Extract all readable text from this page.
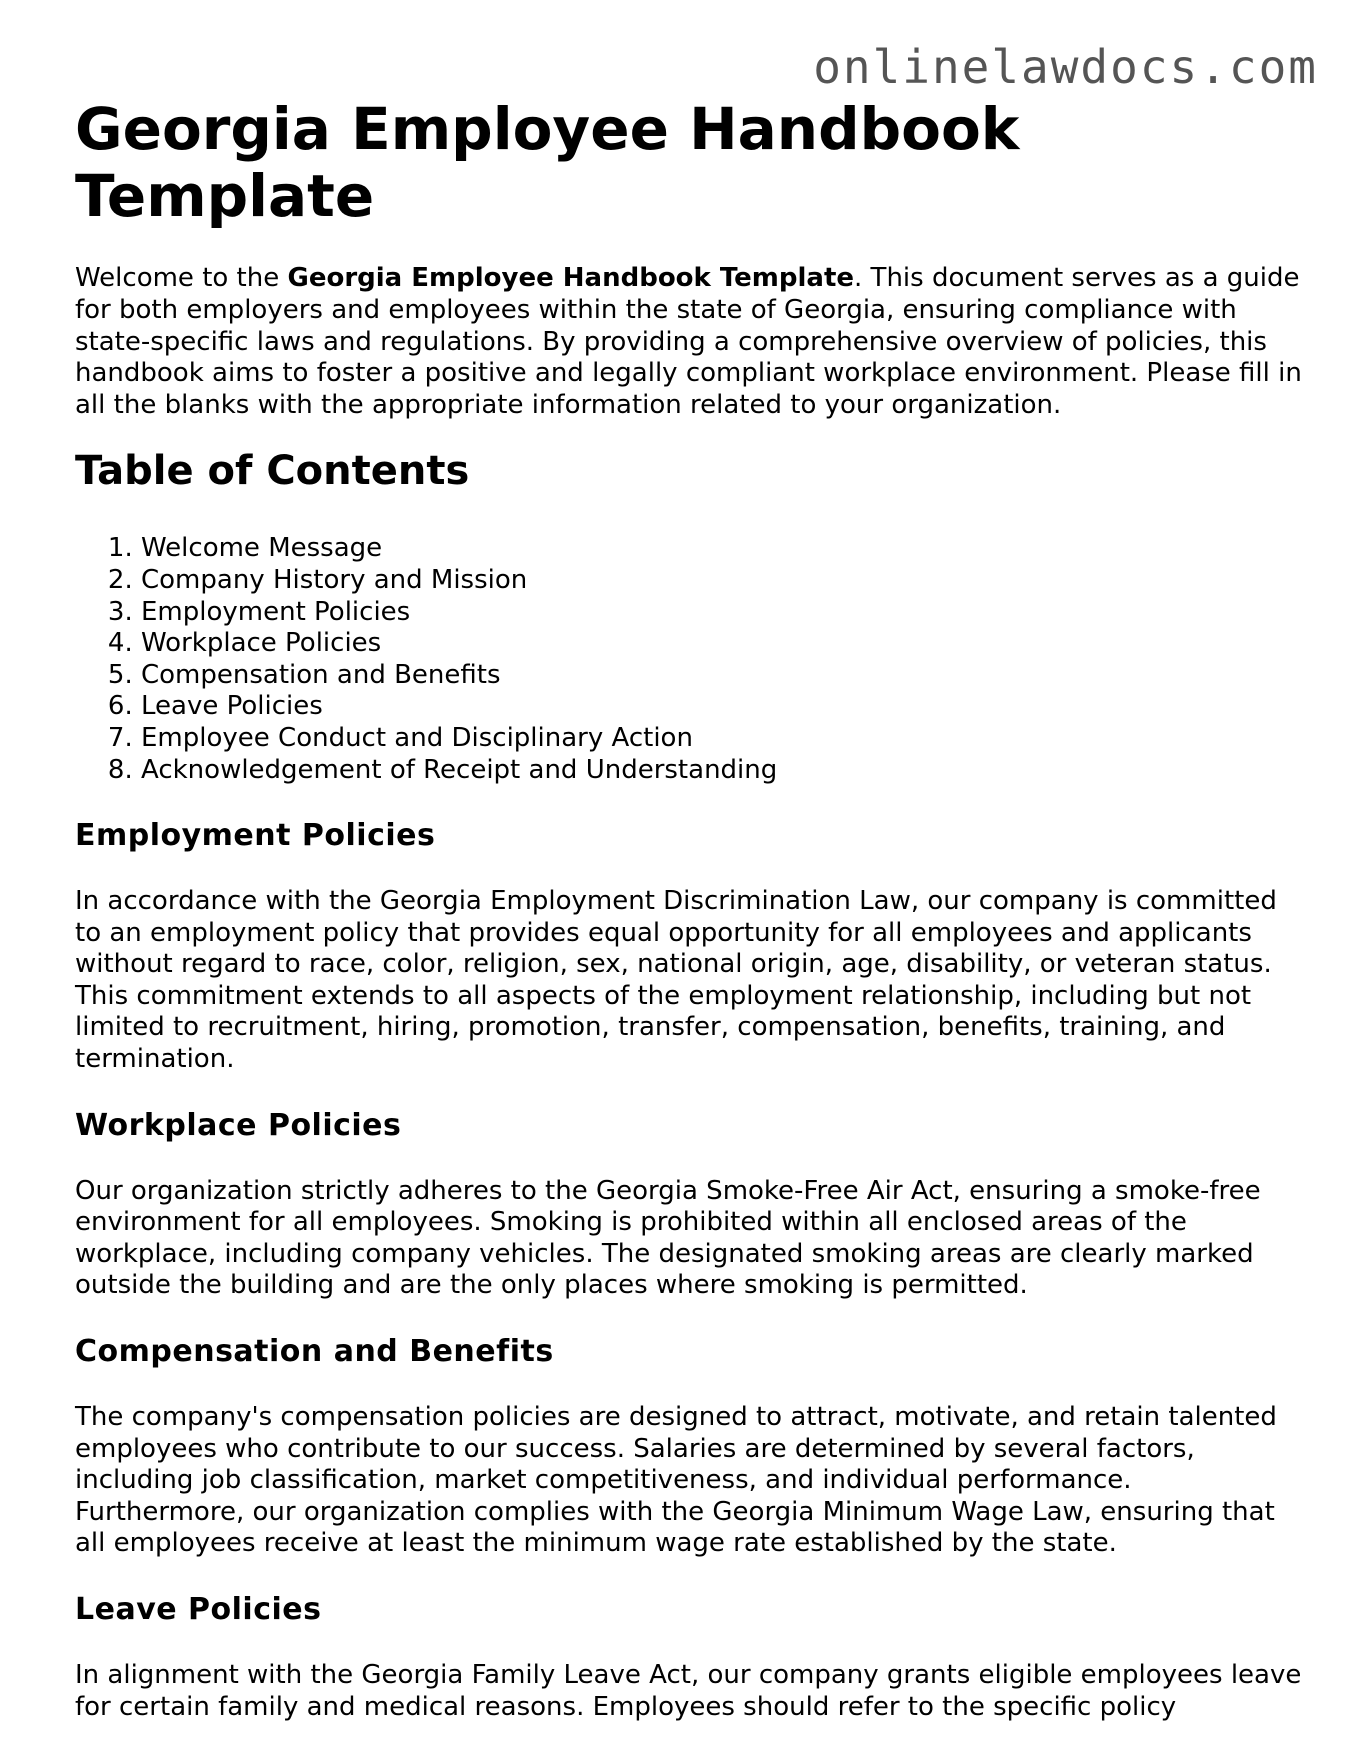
onlinelawdocs.com
Georgia Employee Handbook Template

Welcome to the Georgia Employee Handbook Template. This document serves as a guide for both employers and employees within the state of Georgia, ensuring compliance with state-specific laws and regulations. By providing a comprehensive overview of policies, this handbook aims to foster a positive and legally compliant workplace environment. Please fill in all the blanks with the appropriate information related to your organization.

Table of Contents
1. Welcome Message
2. Company History and Mission
3. Employment Policies
4. Workplace Policies
5. Compensation and Benefits
6. Leave Policies
7. Employee Conduct and Disciplinary Action
8. Acknowledgement of Receipt and Understanding
Employment Policies

In accordance with the Georgia Employment Discrimination Law, our company is committed to an employment policy that provides equal opportunity for all employees and applicants without regard to race, color, religion, sex, national origin, age, disability, or veteran status. This commitment extends to all aspects of the employment relationship, including but not limited to recruitment, hiring, promotion, transfer, compensation, benefits, training, and termination.

Workplace Policies

Our organization strictly adheres to the Georgia Smoke-Free Air Act, ensuring a smoke-free environment for all employees. Smoking is prohibited within all enclosed areas of the workplace, including company vehicles. The designated smoking areas are clearly marked outside the building and are the only places where smoking is permitted.

Compensation and Benefits

The company's compensation policies are designed to attract, motivate, and retain talented employees who contribute to our success. Salaries are determined by several factors, including job classification, market competitiveness, and individual performance. Furthermore, our organization complies with the Georgia Minimum Wage Law, ensuring that all employees receive at least the minimum wage rate established by the state.

Leave Policies

In alignment with the Georgia Family Leave Act, our company grants eligible employees leave for certain family and medical reasons. Employees should refer to the specific policy
